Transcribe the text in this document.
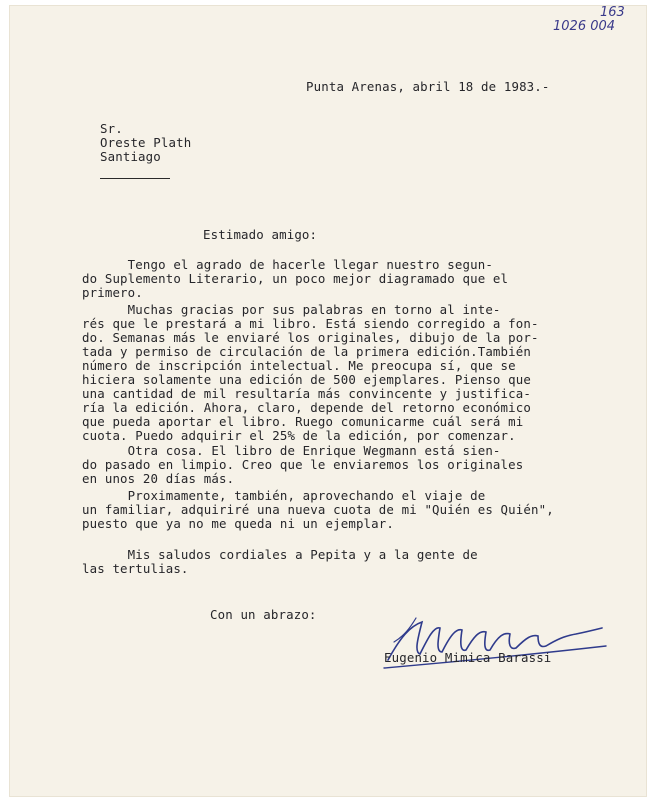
163
1026 004
Punta Arenas, abril 18 de 1983.-
Sr.
Oreste Plath
Santiago
Estimado amigo:
Tengo el agrado de hacerle llegar nuestro segun-
do Suplemento Literario, un poco mejor diagramado que el
primero.
Muchas gracias por sus palabras en torno al inte-
rés que le prestará a mi libro. Está siendo corregido a fon-
do. Semanas más le enviaré los originales, dibujo de la por-
tada y permiso de circulación de la primera edición.También
número de inscripción intelectual. Me preocupa sí, que se
hiciera solamente una edición de 500 ejemplares. Pienso que
una cantidad de mil resultaría más convincente y justifica-
ría la edición. Ahora, claro, depende del retorno económico
que pueda aportar el libro. Ruego comunicarme cuál será mi
cuota. Puedo adquirir el 25% de la edición, por comenzar.
Otra cosa. El libro de Enrique Wegmann está sien-
do pasado en limpio. Creo que le enviaremos los originales
en unos 20 días más.
Proximamente, también, aprovechando el viaje de
un familiar, adquiriré una nueva cuota de mi "Quién es Quién",
puesto que ya no me queda ni un ejemplar.
Mis saludos cordiales a Pepita y a la gente de
las tertulias.
Con un abrazo:
Eugenio Mimica Barassi
